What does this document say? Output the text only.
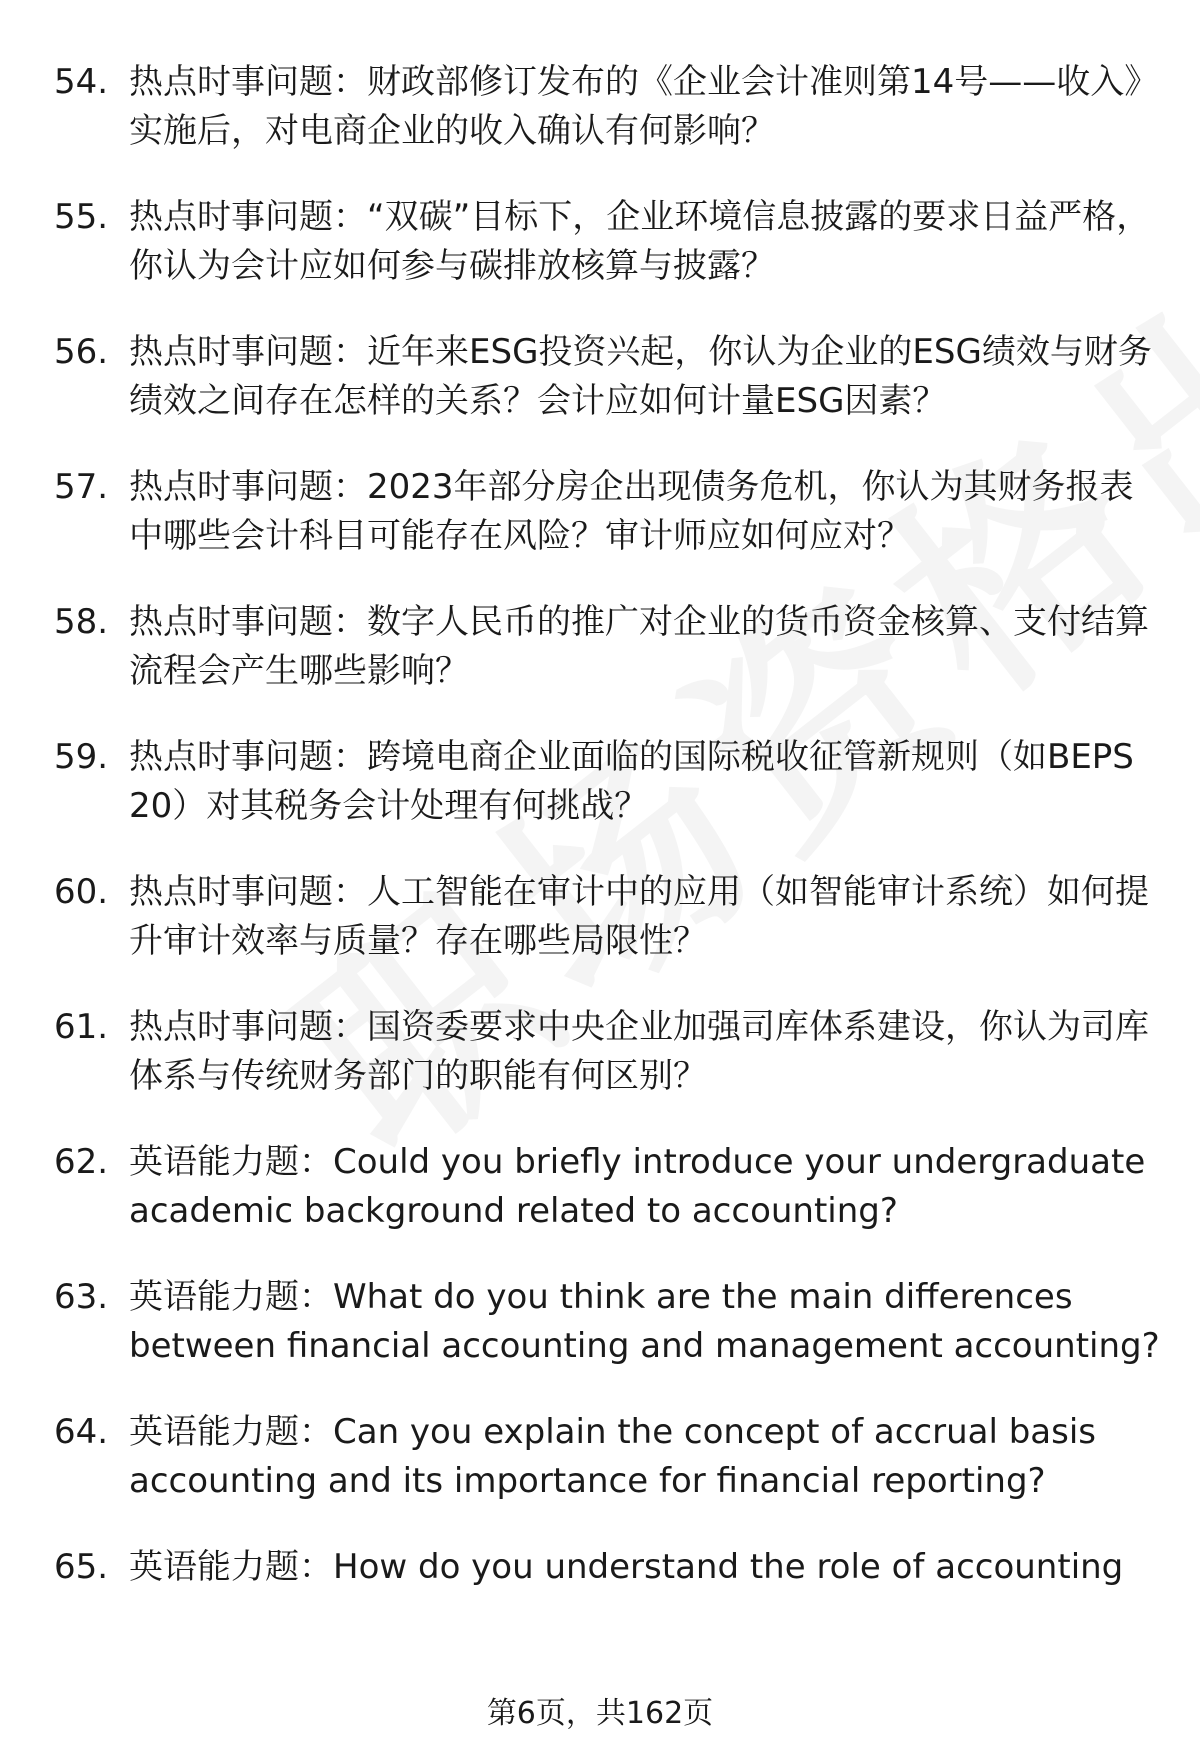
54. 热点时事问题：财政部修订发布的《企业会计准则第14号——收入》实施后，对电商企业的收入确认有何影响？
55. 热点时事问题：“双碳”目标下，企业环境信息披露的要求日益严格，你认为会计应如何参与碳排放核算与披露？
56. 热点时事问题：近年来ESG投资兴起，你认为企业的ESG绩效与财务绩效之间存在怎样的关系？会计应如何计量ESG因素？
57. 热点时事问题：2023年部分房企出现债务危机，你认为其财务报表中哪些会计科目可能存在风险？审计师应如何应对？
58. 热点时事问题：数字人民币的推广对企业的货币资金核算、支付结算流程会产生哪些影响？
59. 热点时事问题：跨境电商企业面临的国际税收征管新规则（如BEPS 20）对其税务会计处理有何挑战？
60. 热点时事问题：人工智能在审计中的应用（如智能审计系统）如何提升审计效率与质量？存在哪些局限性？
61. 热点时事问题：国资委要求中央企业加强司库体系建设，你认为司库体系与传统财务部门的职能有何区别？
62. 英语能力题：Could you briefly introduce your undergraduate academic background related to accounting?
63. 英语能力题：What do you think are the main differences between financial accounting and management accounting?
64. 英语能力题：Can you explain the concept of accrual basis accounting and its importance for financial reporting?
65. 英语能力题：How do you understand the role of accounting
第6页，共162页
